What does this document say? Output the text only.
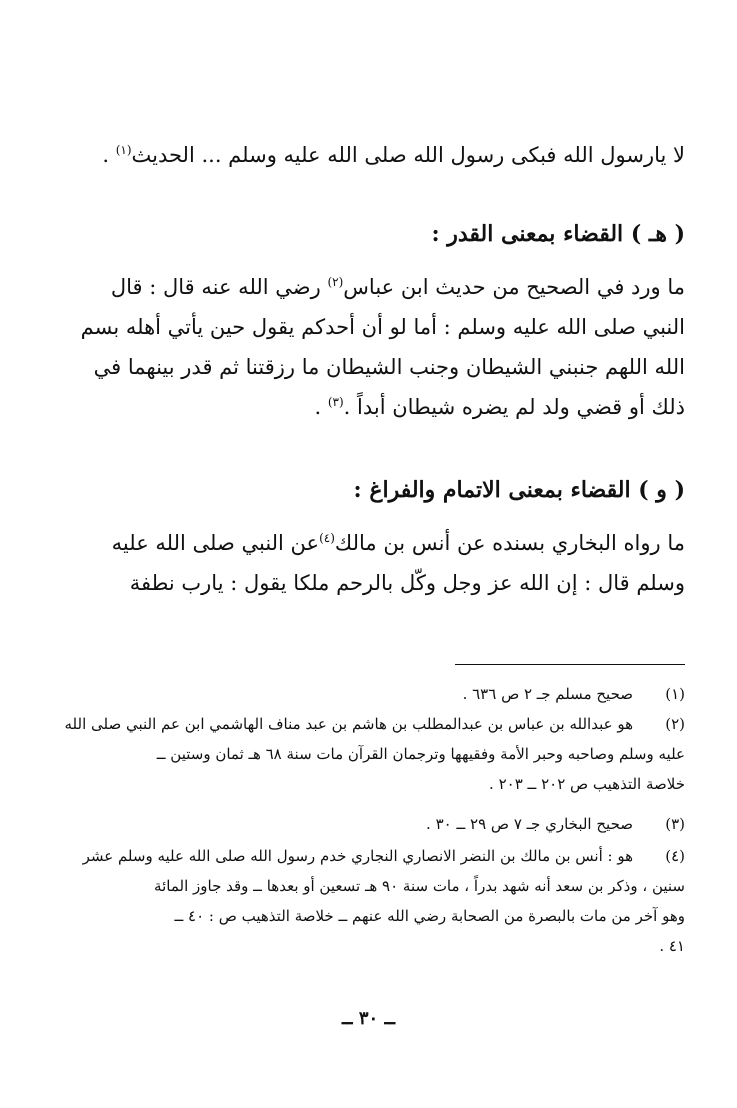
لا يارسول الله فبكى رسول الله صلى الله عليه وسلم ... الحديث$^{(١)}$ .
( هـ ) القضاء بمعنى القدر :
ما ورد في الصحيح من حديث ابن عباس$^{(٢)}$ رضي الله عنه قال : قال
النبي صلى الله عليه وسلم : أما لو أن أحدكم يقول حين يأتي أهله بسم
الله اللهم جنبني الشيطان وجنب الشيطان ما رزقتنا ثم قدر بينهما في
ذلك أو قضي ولد لم يضره شيطان أبداً .$^{(٣)}$ .
( و ) القضاء بمعنى الاتمام والفراغ :
ما رواه البخاري بسنده عن أنس بن مالك$^{(٤)}$عن النبي صلى الله عليه
وسلم قال : إن الله عز وجل وكّل بالرحم ملكا يقول : يارب نطفة
(١)
صحيح مسلم جـ ٢ ص ٦٣٦ .
(٢)
هو عبدالله بن عباس بن عبدالمطلب بن هاشم بن عبد مناف الهاشمي ابن عم النبي صلى الله
عليه وسلم وصاحبه وحبر الأمة وفقيهها وترجمان القرآن مات سنة ٦٨ هـ ثمان وستين ــ
خلاصة التذهيب ص ٢٠٢ ــ ٢٠٣ .
(٣)
صحيح البخاري جـ ٧ ص ٢٩ ــ ٣٠ .
(٤)
هو : أنس بن مالك بن النضر الانصاري النجاري خدم رسول الله صلى الله عليه وسلم عشر
سنين ، وذكر بن سعد أنه شهد بدراً ، مات سنة ٩٠ هـ تسعين أو بعدها ــ وقد جاوز المائة
وهو آخر من مات بالبصرة من الصحابة رضي الله عنهم ــ خلاصة التذهيب ص : ٤٠ ــ
٤١ .
ــ ٣٠ ــ
